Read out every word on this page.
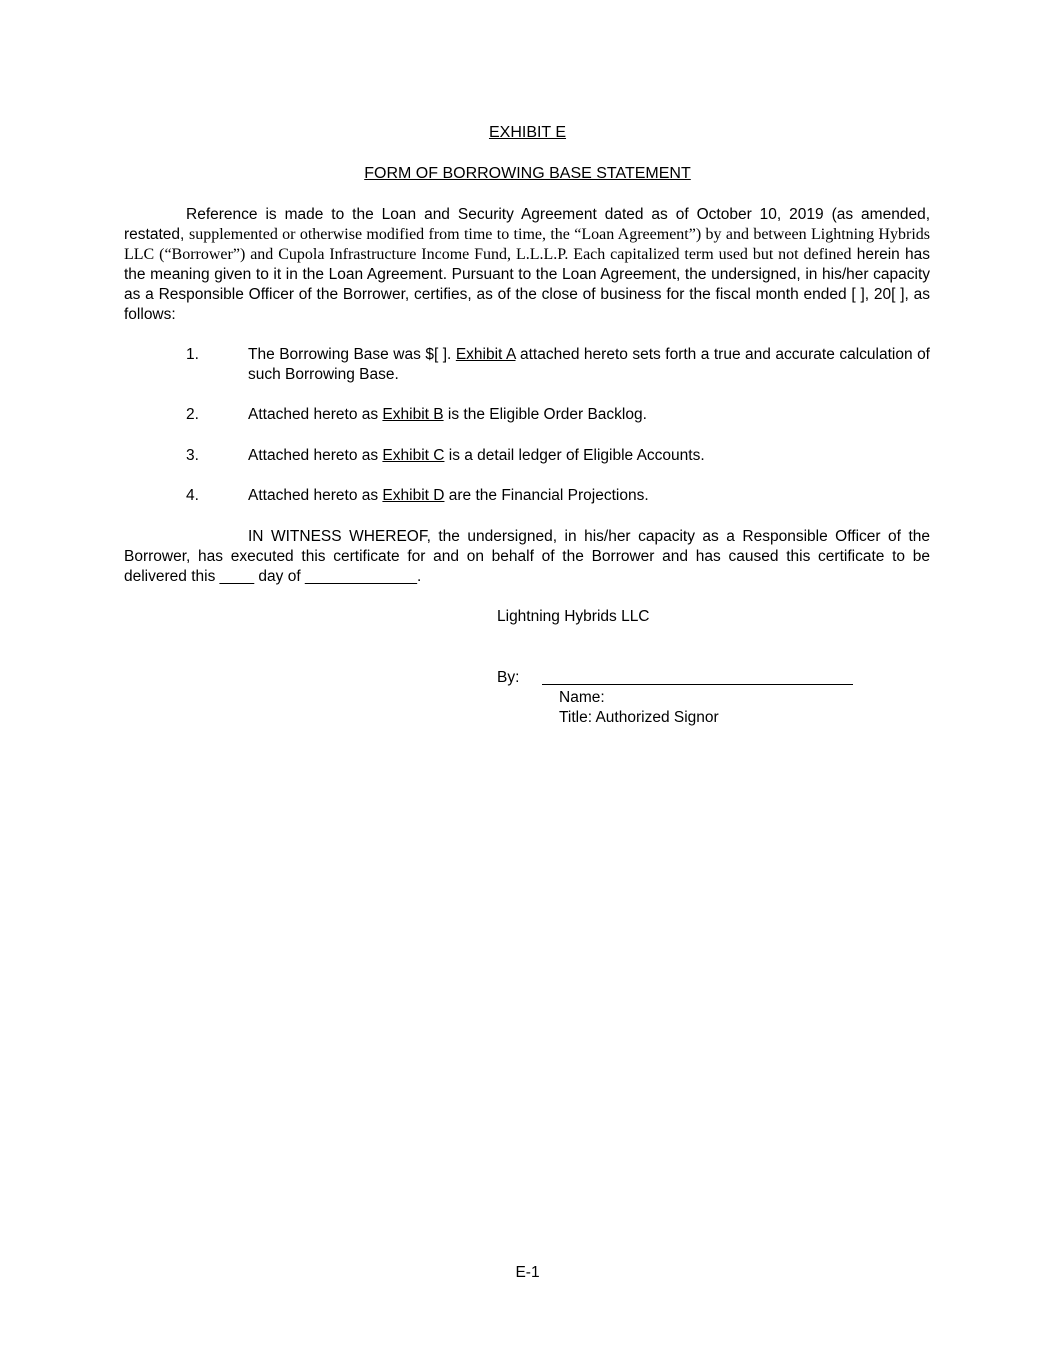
EXHIBIT E
FORM OF BORROWING BASE STATEMENT
Reference is made to the Loan and Security Agreement dated as of October 10, 2019 (as amended, restated, supplemented or otherwise modified from time to time, the “Loan Agreement”) by and between Lightning Hybrids LLC (“Borrower”) and Cupola Infrastructure Income Fund, L.L.L.P. Each capitalized term used but not defined herein has the meaning given to it in the Loan Agreement. Pursuant to the Loan Agreement, the undersigned, in his/her capacity as a Responsible Officer of the Borrower, certifies, as of the close of business for the fiscal month ended [ ], 20[ ], as follows:
1.	The Borrowing Base was $[ ]. Exhibit A attached hereto sets forth a true and accurate calculation of such Borrowing Base.
2.	Attached hereto as Exhibit B is the Eligible Order Backlog.
3.	Attached hereto as Exhibit C is a detail ledger of Eligible Accounts.
4.	Attached hereto as Exhibit D are the Financial Projections.
IN WITNESS WHEREOF, the undersigned, in his/her capacity as a Responsible Officer of the Borrower, has executed this certificate for and on behalf of the Borrower and has caused this certificate to be delivered this ____ day of _____________.
Lightning Hybrids LLC
By:
Name:
Title: Authorized Signor
E-1
